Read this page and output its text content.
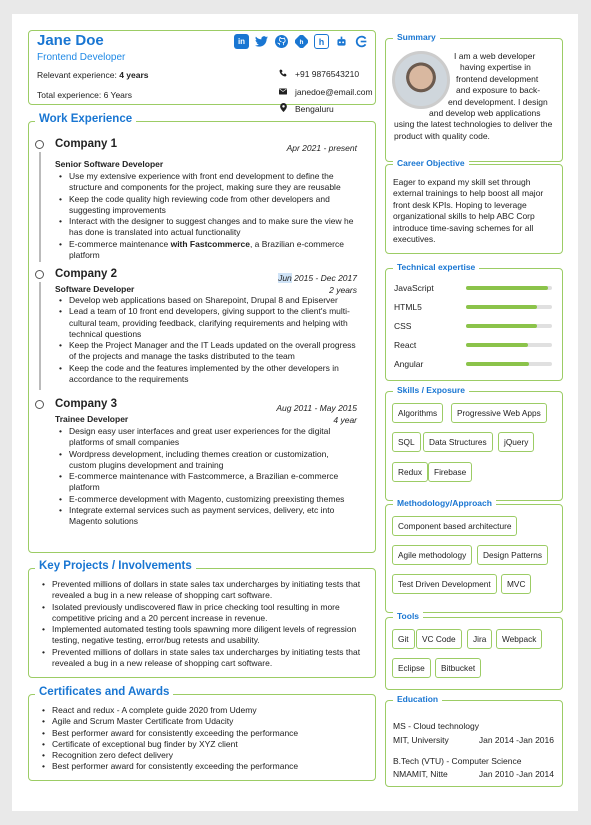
Jane Doe
Frontend Developer
Relevant experience: 4 years
Total experience: 6 Years
in	h	h
+91 9876543210
janedoe@email.com
Bengaluru
Work Experience
Company 1	Apr 2021 - present
Senior Software Developer
• Use my extensive experience with front end development to define the structure and components for the project, making sure they are reusable
• Keep the code quality high reviewing code from other developers and suggesting improvements
• Interact with the designer to suggest changes and to make sure the view he has done is translated into actual functionality
• E-commerce maintenance with Fastcommerce, a Brazilian e-commerce platform
Company 2	Jun 2015 - Dec 2017
2 years
Software Developer
• Develop web applications based on Sharepoint, Drupal 8 and Episerver
• Lead a team of 10 front end developers, giving support to the client's multi-cultural team, providing feedback, clarifying requirements and helping with technical questions
• Keep the Project Manager and the IT Leads updated on the overall progress of the projects and manage the tasks distributed to the team
• Keep the code and the features implemented by the other developers in accordance to the requirements
Company 3	Aug 2011 - May 2015
4 year
Trainee Developer
• Design easy user interfaces and great user experiences for the digital platforms of small companies
• Wordpress development, including themes creation or customization, custom plugins development and training
• E-commerce maintenance with Fastcommerce, a Brazilian e-commerce platform
• E-commerce development with Magento, customizing preexisting themes
• Integrate external services such as payment services, delivery, etc into Magento solutions
Key Projects / Involvements
• Prevented millions of dollars in state sales tax undercharges by initiating tests that revealed a bug in a new release of shopping cart software.
• Isolated previously undiscovered flaw in price checking tool resulting in more competitive pricing and a 20 percent increase in revenue.
• Implemented automated testing tools spawning more diligent levels of regression testing, negative testing, error/bug retests and usability.
• Prevented millions of dollars in state sales tax undercharges by initiating tests that revealed a bug in a new release of shopping cart software.
Certificates and Awards
• React and redux - A complete guide 2020 from Udemy
• Agile and Scrum Master Certificate from Udacity
• Best performer award for consistently exceeding the performance
• Certificate of exceptional bug finder by XYZ client
• Recognition zero defect delivery
• Best performer award for consistently exceeding the performance
Summary
I am a web developer
having expertise in
frontend development
and exposure to back-
end development. I design
and develop web applications
using the latest technologies to deliver the
product with quality code.
Career Objective
Eager to expand my skill set through
external trainings to help boost all major
front desk KPIs. Hoping to leverage
organizational skills to help ABC Corp
introduce time-saving schemes for all
executives.
Technical expertise
JavaScript
HTML5
CSS
React
Angular
Skills / Exposure
Algorithms	Progressive Web Apps
SQL	Data Structures	jQuery
Redux	Firebase
Methodology/Approach
Component based architecture
Agile methodology	Design Patterns
Test Driven Development	MVC
Tools
Git	VC Code	Jira	Webpack
Eclipse	Bitbucket
Education
MS - Cloud technology
MIT, University	Jan 2014 -Jan 2016
B.Tech (VTU) - Computer Science
NMAMIT, Nitte	Jan 2010 -Jan 2014
